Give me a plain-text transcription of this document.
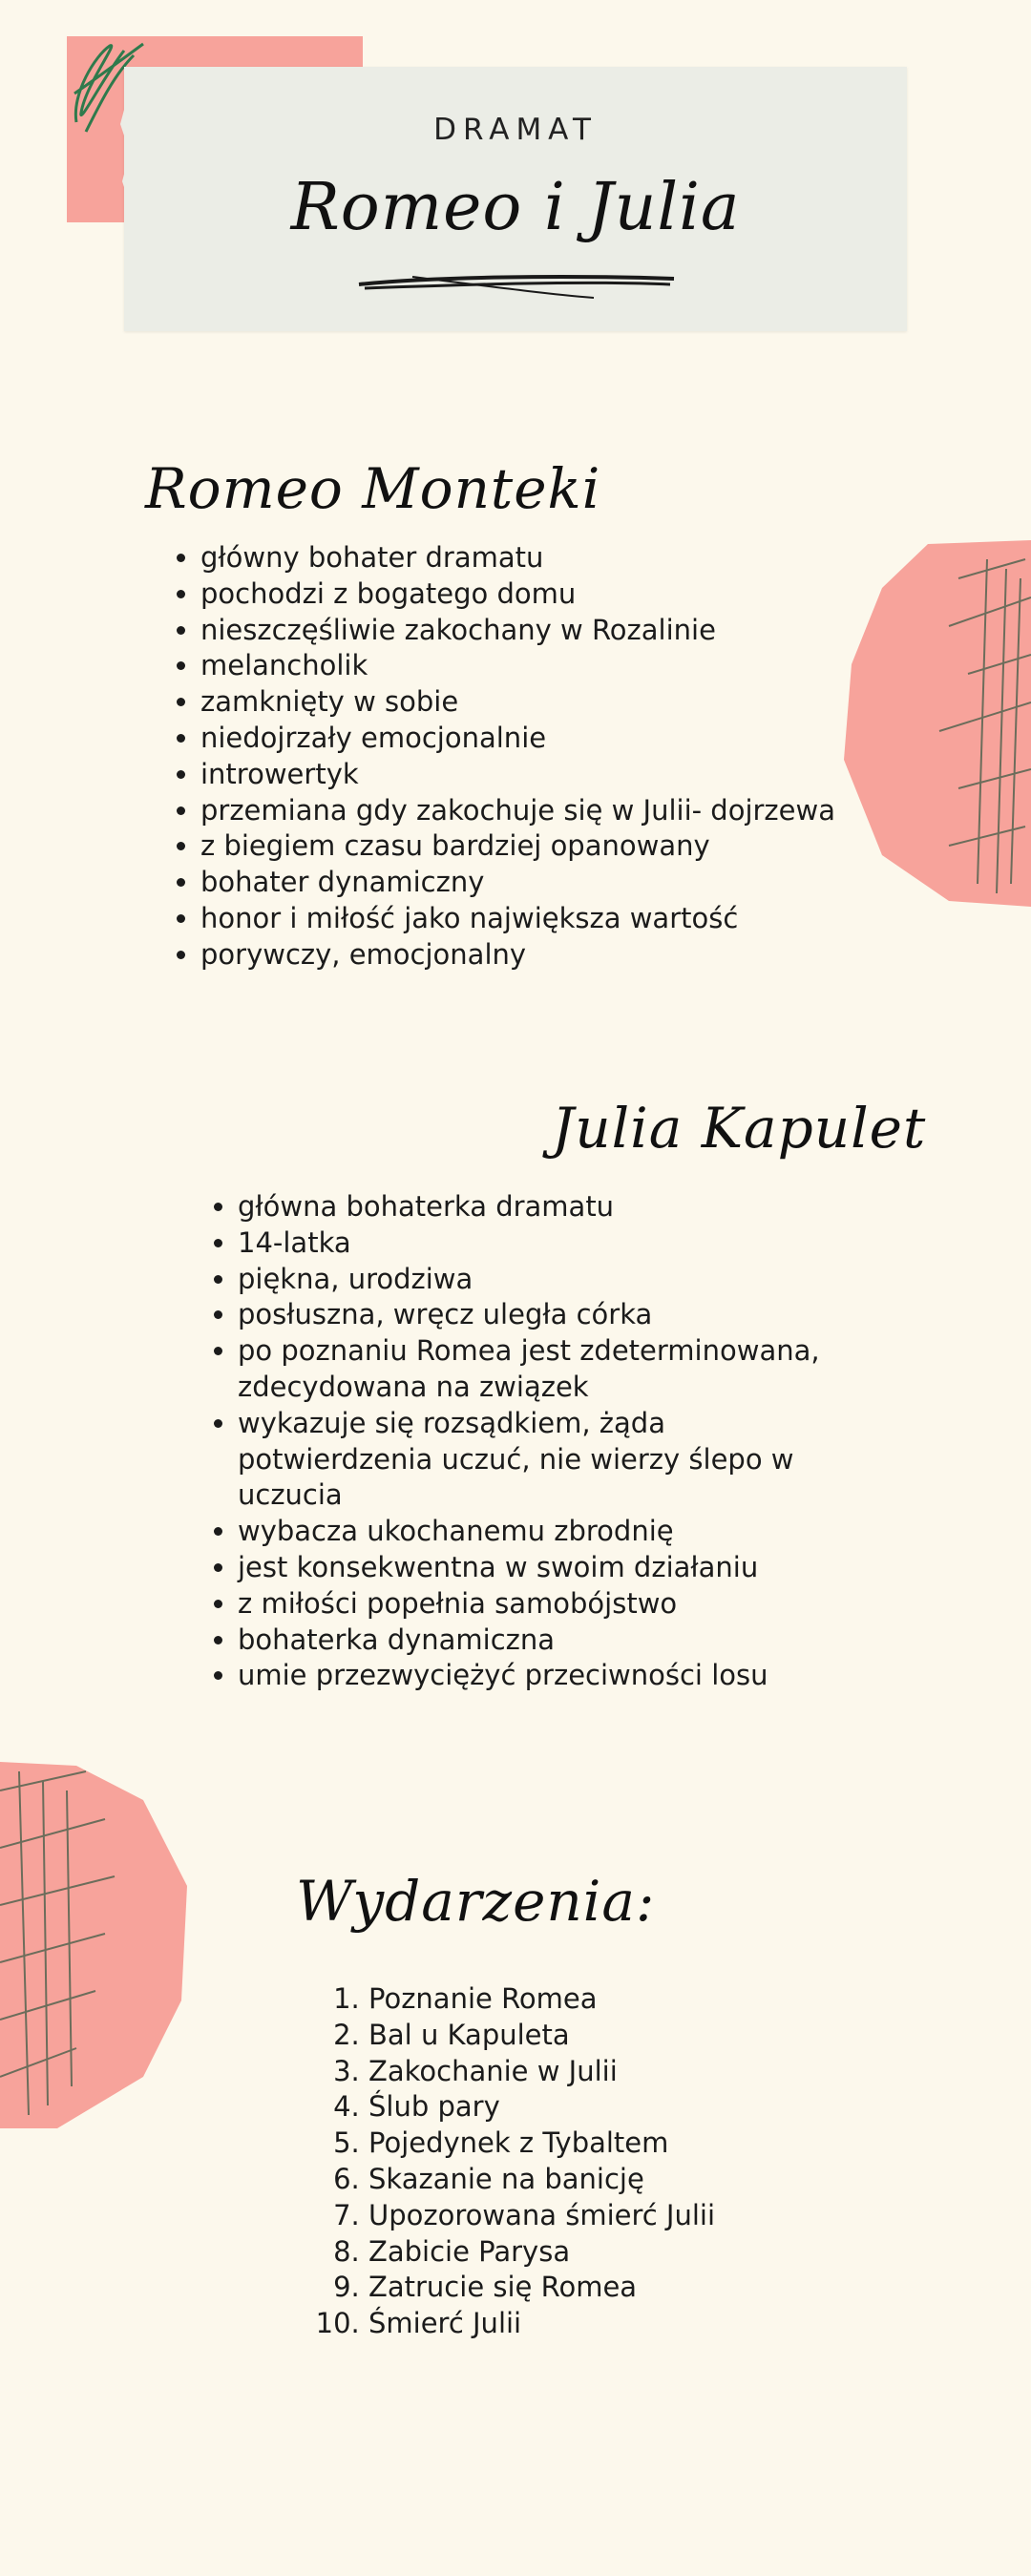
DRAMAT
Romeo i Julia
Romeo Monteki
• główny bohater dramatu
• pochodzi z bogatego domu
• nieszczęśliwie zakochany w Rozalinie
• melancholik
• zamknięty w sobie
• niedojrzały emocjonalnie
• introwertyk
• przemiana gdy zakochuje się w Julii- dojrzewa
• z biegiem czasu bardziej opanowany
• bohater dynamiczny
• honor i miłość jako największa wartość
• porywczy, emocjonalny
Julia Kapulet
• główna bohaterka dramatu
• 14-latka
• piękna, urodziwa
• posłuszna, wręcz uległa córka
• po poznaniu Romea jest zdeterminowana, zdecydowana na związek
• wykazuje się rozsądkiem, żąda potwierdzenia uczuć, nie wierzy ślepo w uczucia
• wybacza ukochanemu zbrodnię
• jest konsekwentna w swoim działaniu
• z miłości popełnia samobójstwo
• bohaterka dynamiczna
• umie przezwyciężyć przeciwności losu
Wydarzenia:
1. Poznanie Romea
2. Bal u Kapuleta
3. Zakochanie w Julii
4. Ślub pary
5. Pojedynek z Tybaltem
6. Skazanie na banicję
7. Upozorowana śmierć Julii
8. Zabicie Parysa
9. Zatrucie się Romea
10. Śmierć Julii
